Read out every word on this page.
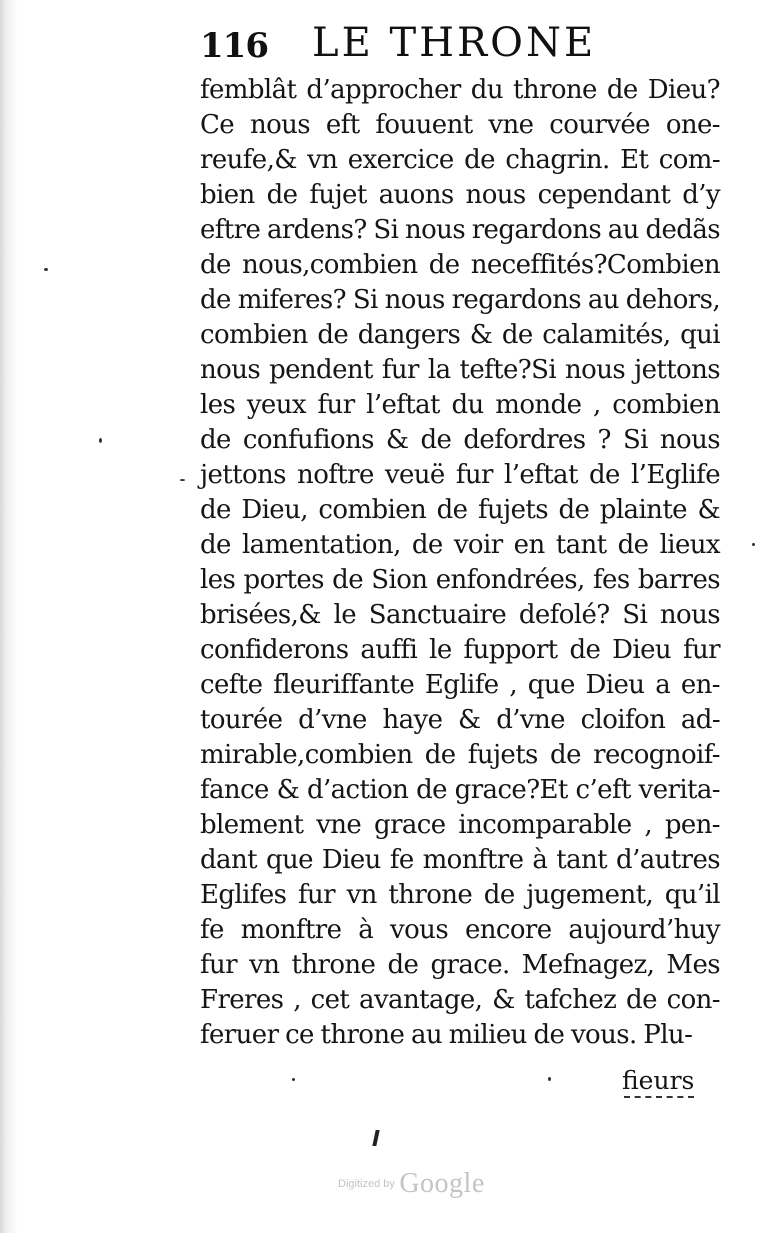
116 LE THRONE
femblât d’approcher du throne de Dieu?
Ce nous eft fouuent vne courvée one-
reufe,& vn exercice de chagrin. Et com-
bien de fujet auons nous cependant d’y
eftre ardens? Si nous regardons au dedãs
de nous,combien de neceffités?Combien
de miferes? Si nous regardons au dehors,
combien de dangers & de calamités, qui
nous pendent fur la tefte?Si nous jettons
les yeux fur l’eftat du monde , combien
de confufions & de defordres ? Si nous
jettons noftre veuë fur l’eftat de l’Eglife
de Dieu, combien de fujets de plainte &
de lamentation, de voir en tant de lieux
les portes de Sion enfondrées, fes barres
brisées,& le Sanctuaire defolé? Si nous
confiderons auffi le fupport de Dieu fur
cefte fleuriffante Eglife , que Dieu a en-
tourée d’vne haye & d’vne cloifon ad-
mirable,combien de fujets de recognoif-
fance & d’action de grace?Et c’eft verita-
blement vne grace incomparable , pen-
dant que Dieu fe monftre à tant d’autres
Eglifes fur vn throne de jugement, qu’il
fe monftre à vous encore aujourd’huy
fur vn throne de grace. Mefnagez, Mes
Freres , cet avantage, & tafchez de con-
feruer ce throne au milieu de vous. Plu-
fieurs
Digitized by Google
